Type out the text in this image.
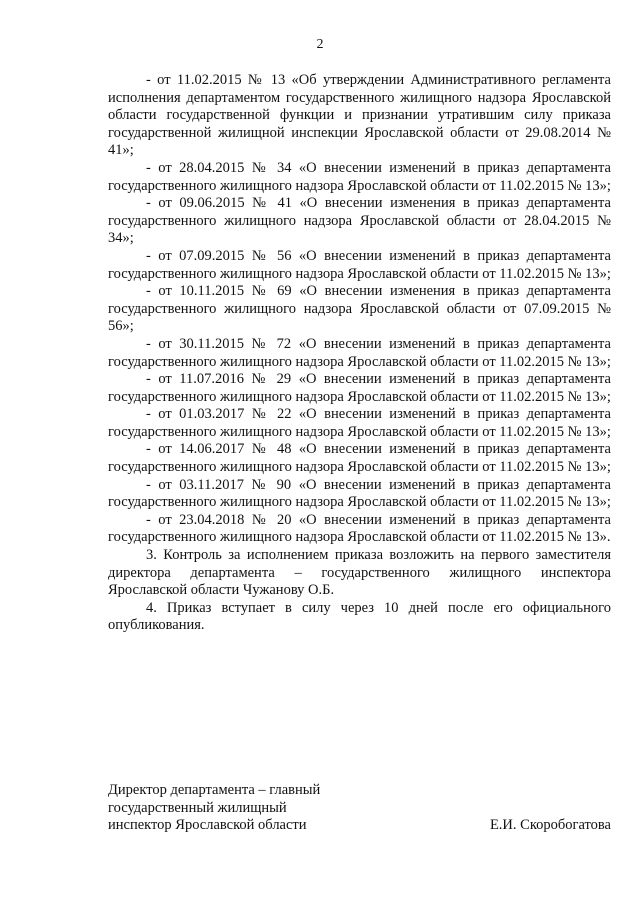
2

- от 11.02.2015 № 13 «Об утверждении Административного регламента исполнения департаментом государственного жилищного надзора Ярославской области государственной функции и признании утратившим силу приказа государственной жилищной инспекции Ярославской области от 29.08.2014 № 41»;

- от 28.04.2015 № 34 «О внесении изменений в приказ департамента государственного жилищного надзора Ярославской области от 11.02.2015 № 13»;

- от 09.06.2015 № 41 «О внесении изменения в приказ департамента государственного жилищного надзора Ярославской области от 28.04.2015 № 34»;

- от 07.09.2015 № 56 «О внесении изменений в приказ департамента государственного жилищного надзора Ярославской области от 11.02.2015 № 13»;

- от 10.11.2015 № 69 «О внесении изменения в приказ департамента государственного жилищного надзора Ярославской области от 07.09.2015 № 56»;

- от 30.11.2015 № 72 «О внесении изменений в приказ департамента государственного жилищного надзора Ярославской области от 11.02.2015 № 13»;

- от 11.07.2016 № 29 «О внесении изменений в приказ департамента государственного жилищного надзора Ярославской области от 11.02.2015 № 13»;

- от 01.03.2017 № 22 «О внесении изменений в приказ департамента государственного жилищного надзора Ярославской области от 11.02.2015 № 13»;

- от 14.06.2017 № 48 «О внесении изменений в приказ департамента государственного жилищного надзора Ярославской области от 11.02.2015 № 13»;

- от 03.11.2017 № 90 «О внесении изменений в приказ департамента государственного жилищного надзора Ярославской области от 11.02.2015 № 13»;

- от 23.04.2018 № 20 «О внесении изменений в приказ департамента государственного жилищного надзора Ярославской области от 11.02.2015 № 13».

3. Контроль за исполнением приказа возложить на первого заместителя директора департамента – государственного жилищного инспектора Ярославской области Чужанову О.Б.

4. Приказ вступает в силу через 10 дней после его официального опубликования.

Директор департамента – главный
государственный жилищный
инспектор Ярославской области	Е.И. Скоробогатова
